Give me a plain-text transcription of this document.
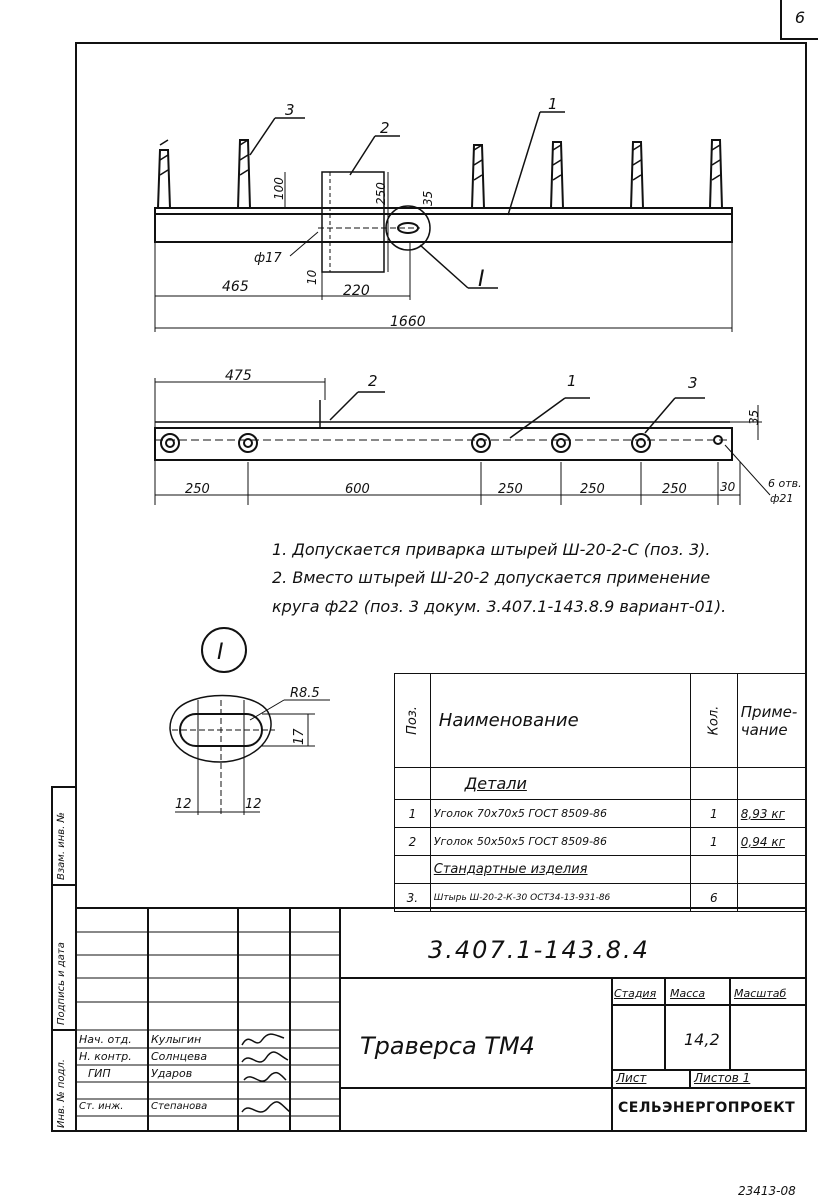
6
3
2
1
I
100	250	35
ф17
10
465	220
1660
475	2	1	3
35
250	600	250	250	250	30	6 отв.
ф21
1. Допускается приварка штырей Ш-20-2-С (поз. 3).
2. Вместо штырей Ш-20-2 допускается применение
круга ф22 (поз. 3 докум. 3.407.1-143.8.9 вариант-01).
I
R8.5
17
12	12
Поз.	Наименование	Кол.	Приме-
чание
	Детали		
1	Уголок 70x70x5 ГОСТ 8509-86	1	8,93 кг
2	Уголок 50x50x5 ГОСТ 8509-86	1	0,94 кг
	Стандартные изделия		
3.	Штырь Ш-20-2-К-30 ОСТ34-13-931-86	6	
Взам. инв. №
Подпись и дата
Инв. № подл.
3.407.1-143.8.4
Траверса ТМ4
Стадия Масса	Масштаб
14,2
Лист	Листов 1
СЕЛЬЭНЕРГОПРОЕКТ
Нач. отд. Кулыгин
Н. контр. Солнцева
ГИП	Ударов
Ст. инж.	Степанова
23413-08
